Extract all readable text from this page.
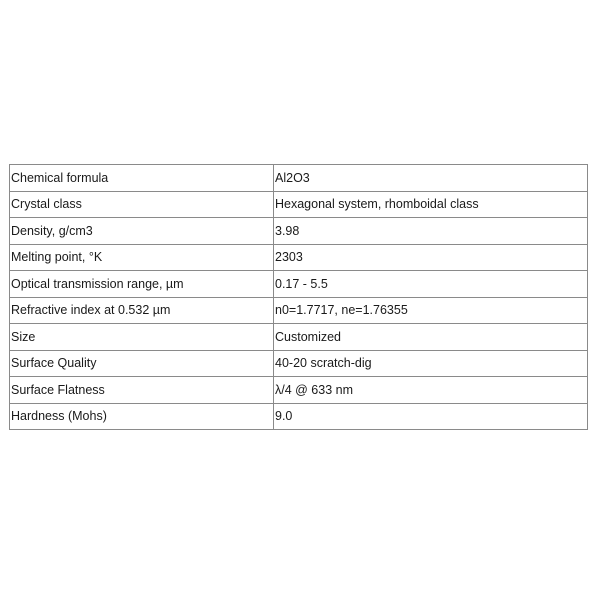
Chemical formula	Al2O3
Crystal class	Hexagonal system, rhomboidal class
Density, g/cm3	3.98
Melting point, °K	2303
Optical transmission range, µm	0.17 - 5.5
Refractive index at 0.532 µm	n0=1.7717, ne=1.76355
Size	Customized
Surface Quality	40-20 scratch-dig
Surface Flatness	λ/4 @ 633 nm
Hardness (Mohs)	9.0
